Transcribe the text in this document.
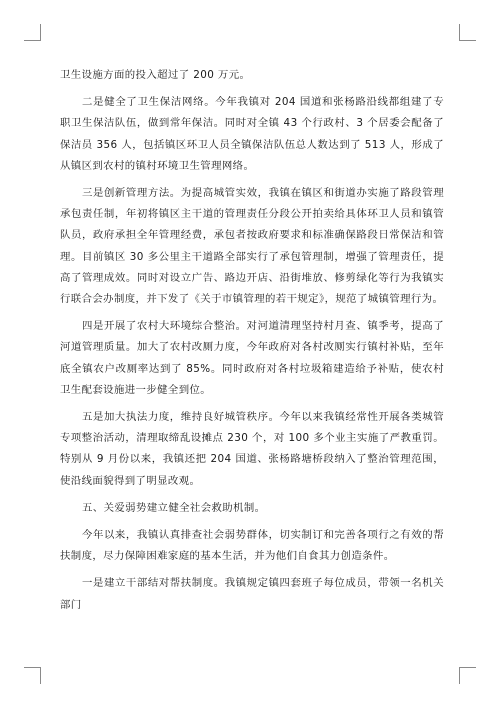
卫生设施方面的投入超过了 200 万元。

二是健全了卫生保洁网络。今年我镇对 204 国道和张杨路沿线都组建了专职卫生保洁队伍，做到常年保洁。同时对全镇 43 个行政村、3 个居委会配备了保洁员 356 人，包括镇区环卫人员全镇保洁队伍总人数达到了 513 人，形成了从镇区到农村的镇村环境卫生管理网络。

三是创新管理方法。为提高城管实效，我镇在镇区和街道办实施了路段管理承包责任制，年初将镇区主干道的管理责任分段公开拍卖给具体环卫人员和镇管队员，政府承担全年管理经费，承包者按政府要求和标准确保路段日常保洁和管理。目前镇区 30 多公里主干道路全部实行了承包管理制，增强了管理责任，提高了管理成效。同时对设立广告、路边开店、沿街堆放、修剪绿化等行为我镇实行联合会办制度，并下发了《关于市镇管理的若干规定》，规范了城镇管理行为。

四是开展了农村大环境综合整治。对河道清理坚持村月查、镇季考，提高了河道管理质量。加大了农村改厕力度，今年政府对各村改厕实行镇村补贴，至年底全镇农户改厕率达到了 85%。同时政府对各村垃圾箱建造给予补贴，使农村卫生配套设施进一步健全到位。

五是加大执法力度，维持良好城管秩序。今年以来我镇经常性开展各类城管专项整治活动，清理取缔乱设摊点 230 个，对 100 多个业主实施了严教重罚。特别从 9 月份以来，我镇还把 204 国道、张杨路塘桥段纳入了整治管理范围，使沿线面貌得到了明显改观。

五、关爱弱势建立健全社会救助机制。

今年以来，我镇认真排查社会弱势群体，切实制订和完善各项行之有效的帮扶制度，尽力保障困难家庭的基本生活，并为他们自食其力创造条件。

一是建立干部结对帮扶制度。我镇规定镇四套班子每位成员，带领一名机关部门
